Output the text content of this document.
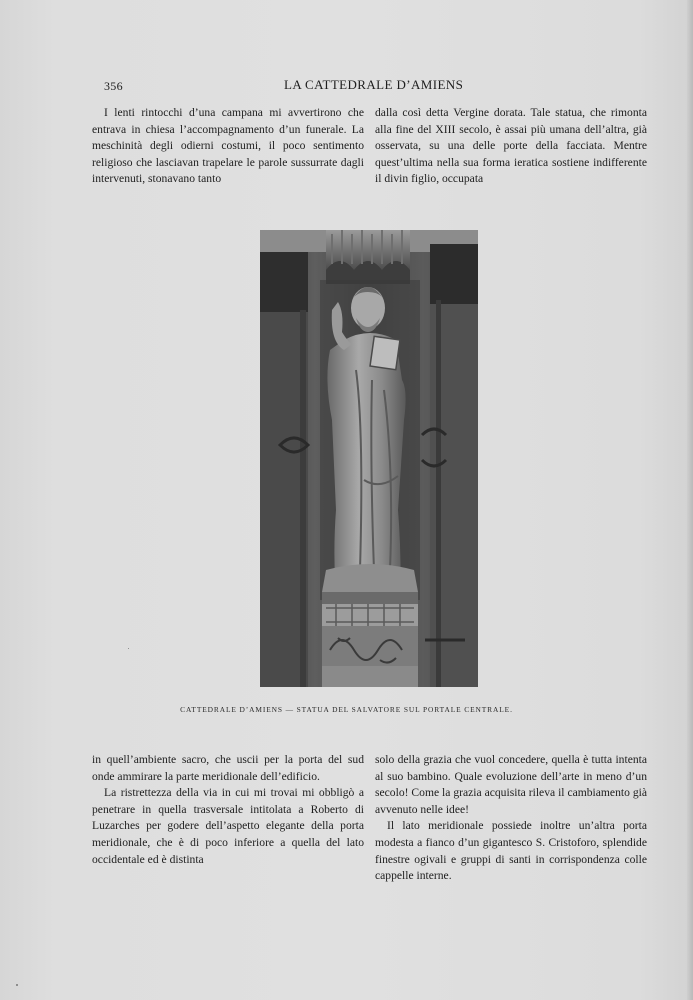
356	LA CATTEDRALE D’AMIENS

I lenti rintocchi d’una campana mi avvertirono che entrava in chiesa l’accompagnamento d’un funerale. La meschinità degli odierni costumi, il poco sentimento religioso che lasciavan trapelare le parole sussurrate dagli intervenuti, stonavano tanto

dalla così detta Vergine dorata. Tale statua, che rimonta alla fine del XIII secolo, è assai più umana dell’altra, già osservata, su una delle porte della facciata. Mentre quest’ultima nella sua forma ieratica sostiene indifferente il divin figlio, occupata

CATTEDRALE D’AMIENS — STATUA DEL SALVATORE SUL PORTALE CENTRALE.

in quell’ambiente sacro, che uscii per la porta del sud onde ammirare la parte meridionale dell’edificio.

La ristrettezza della via in cui mi trovai mi obbligò a penetrare in quella trasversale intitolata a Roberto di Luzarches per godere dell’aspetto elegante della porta meridionale, che è di poco inferiore a quella del lato occidentale ed è distinta

solo della grazia che vuol concedere, quella è tutta intenta al suo bambino. Quale evoluzione dell’arte in meno d’un secolo! Come la grazia acquisita rileva il cambiamento già avvenuto nelle idee!

Il lato meridionale possiede inoltre un’altra porta modesta a fianco d’un gigantesco S. Cristoforo, splendide finestre ogivali e gruppi di santi in corrispondenza colle cappelle interne.
